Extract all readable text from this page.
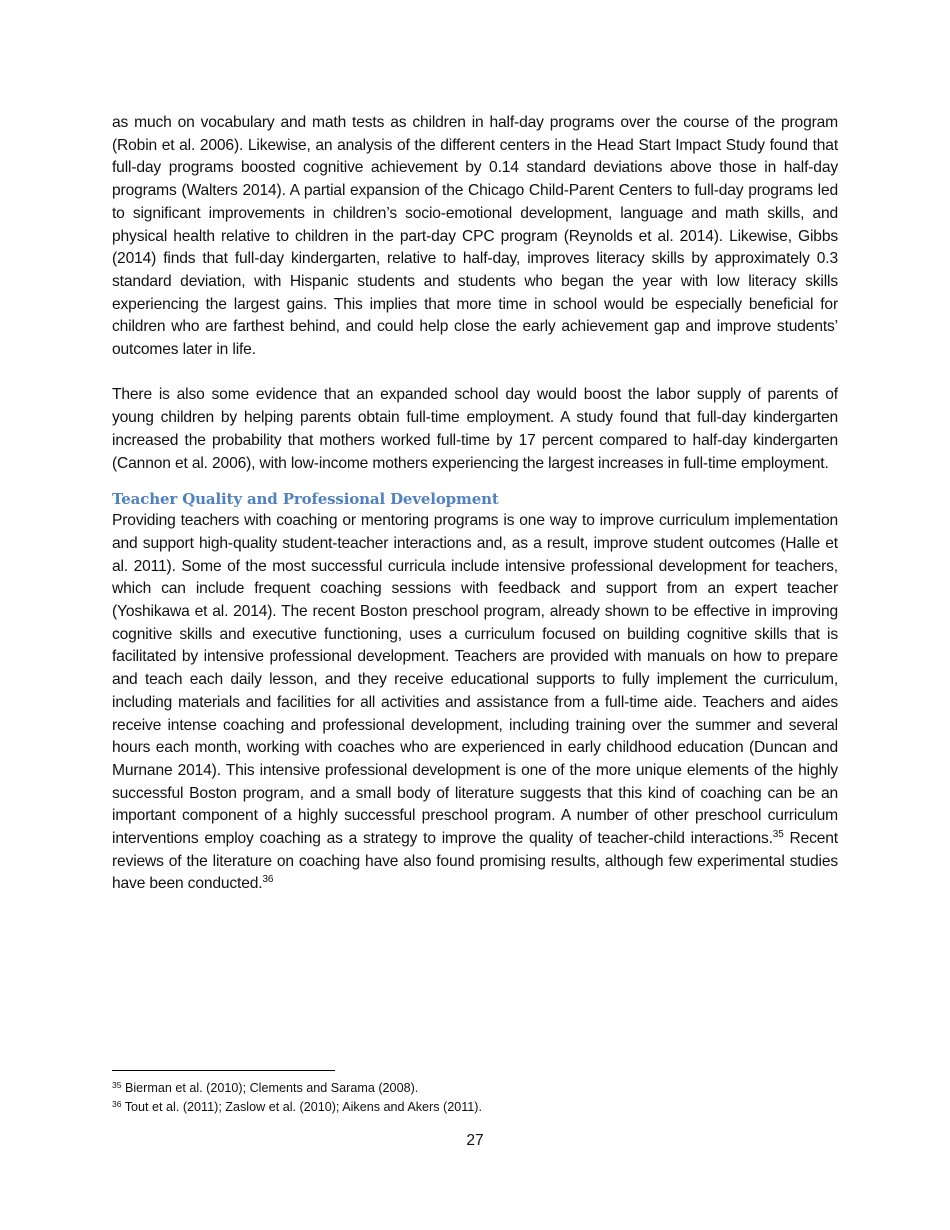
as much on vocabulary and math tests as children in half-day programs over the course of the program (Robin et al. 2006). Likewise, an analysis of the different centers in the Head Start Impact Study found that full-day programs boosted cognitive achievement by 0.14 standard deviations above those in half-day programs (Walters 2014). A partial expansion of the Chicago Child-Parent Centers to full-day programs led to significant improvements in children’s socio-emotional development, language and math skills, and physical health relative to children in the part-day CPC program (Reynolds et al. 2014). Likewise, Gibbs (2014) finds that full-day kindergarten, relative to half-day, improves literacy skills by approximately 0.3 standard deviation, with Hispanic students and students who began the year with low literacy skills experiencing the largest gains. This implies that more time in school would be especially beneficial for children who are farthest behind, and could help close the early achievement gap and improve students’ outcomes later in life.

There is also some evidence that an expanded school day would boost the labor supply of parents of young children by helping parents obtain full-time employment. A study found that full-day kindergarten increased the probability that mothers worked full-time by 17 percent compared to half-day kindergarten (Cannon et al. 2006), with low-income mothers experiencing the largest increases in full-time employment.

Teacher Quality and Professional Development

Providing teachers with coaching or mentoring programs is one way to improve curriculum implementation and support high-quality student-teacher interactions and, as a result, improve student outcomes (Halle et al. 2011). Some of the most successful curricula include intensive professional development for teachers, which can include frequent coaching sessions with feedback and support from an expert teacher (Yoshikawa et al. 2014). The recent Boston preschool program, already shown to be effective in improving cognitive skills and executive functioning, uses a curriculum focused on building cognitive skills that is facilitated by intensive professional development. Teachers are provided with manuals on how to prepare and teach each daily lesson, and they receive educational supports to fully implement the curriculum, including materials and facilities for all activities and assistance from a full-time aide. Teachers and aides receive intense coaching and professional development, including training over the summer and several hours each month, working with coaches who are experienced in early childhood education (Duncan and Murnane 2014). This intensive professional development is one of the more unique elements of the highly successful Boston program, and a small body of literature suggests that this kind of coaching can be an important component of a highly successful preschool program. A number of other preschool curriculum interventions employ coaching as a strategy to improve the quality of teacher-child interactions.$^{35}$ Recent reviews of the literature on coaching have also found promising results, although few experimental studies have been conducted.$^{36}$

$^{35}$ Bierman et al. (2010); Clements and Sarama (2008).
$^{36}$ Tout et al. (2011); Zaslow et al. (2010); Aikens and Akers (2011).
27
